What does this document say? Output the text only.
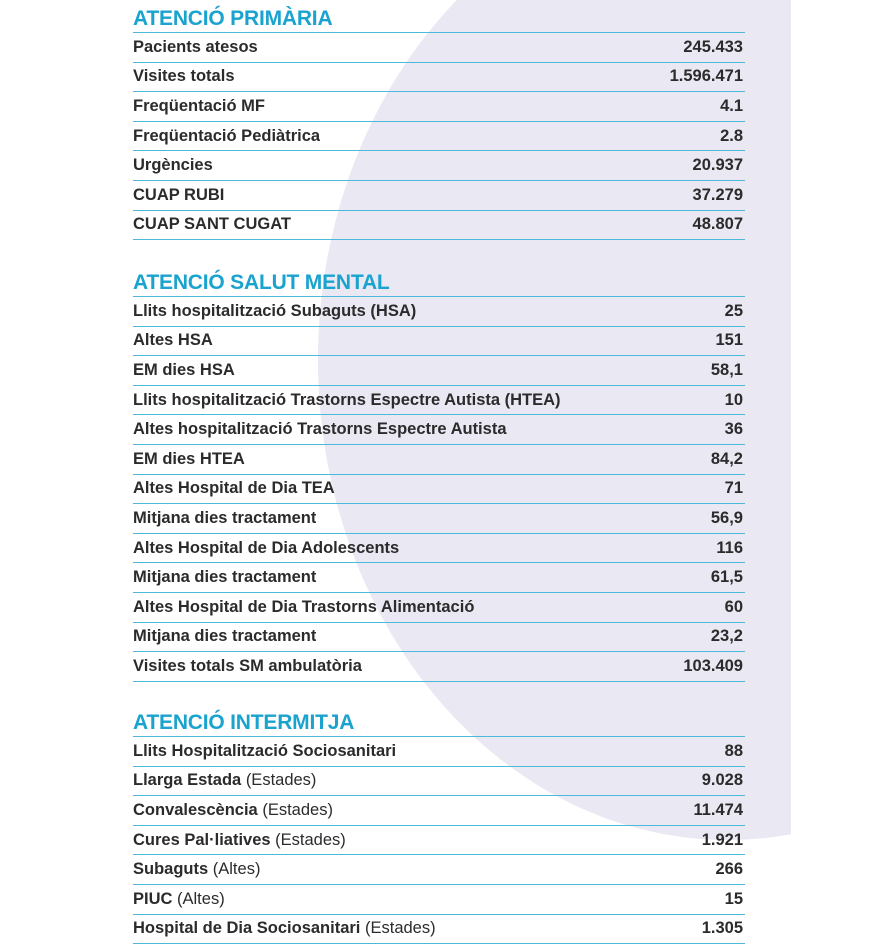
ATENCIÓ PRIMÀRIA
Pacients atesos	245.433
Visites totals	1.596.471
Freqüentació MF	4.1
Freqüentació Pediàtrica	2.8
Urgències	20.937
CUAP RUBI	37.279
CUAP SANT CUGAT	48.807
ATENCIÓ SALUT MENTAL
Llits hospitalització Subaguts (HSA)	25
Altes HSA	151
EM dies HSA	58,1
Llits hospitalització Trastorns Espectre Autista (HTEA)	10
Altes hospitalització Trastorns Espectre Autista	36
EM dies HTEA	84,2
Altes Hospital de Dia TEA	71
Mitjana dies tractament	56,9
Altes Hospital de Dia Adolescents	116
Mitjana dies tractament	61,5
Altes Hospital de Dia Trastorns Alimentació	60
Mitjana dies tractament	23,2
Visites totals SM ambulatòria	103.409
ATENCIÓ INTERMITJA
Llits Hospitalització Sociosanitari	88
Llarga Estada (Estades)	9.028
Convalescència (Estades)	11.474
Cures Pal·liatives (Estades)	1.921
Subaguts (Altes)	266
PIUC (Altes)	15
Hospital de Dia Sociosanitari (Estades)	1.305
